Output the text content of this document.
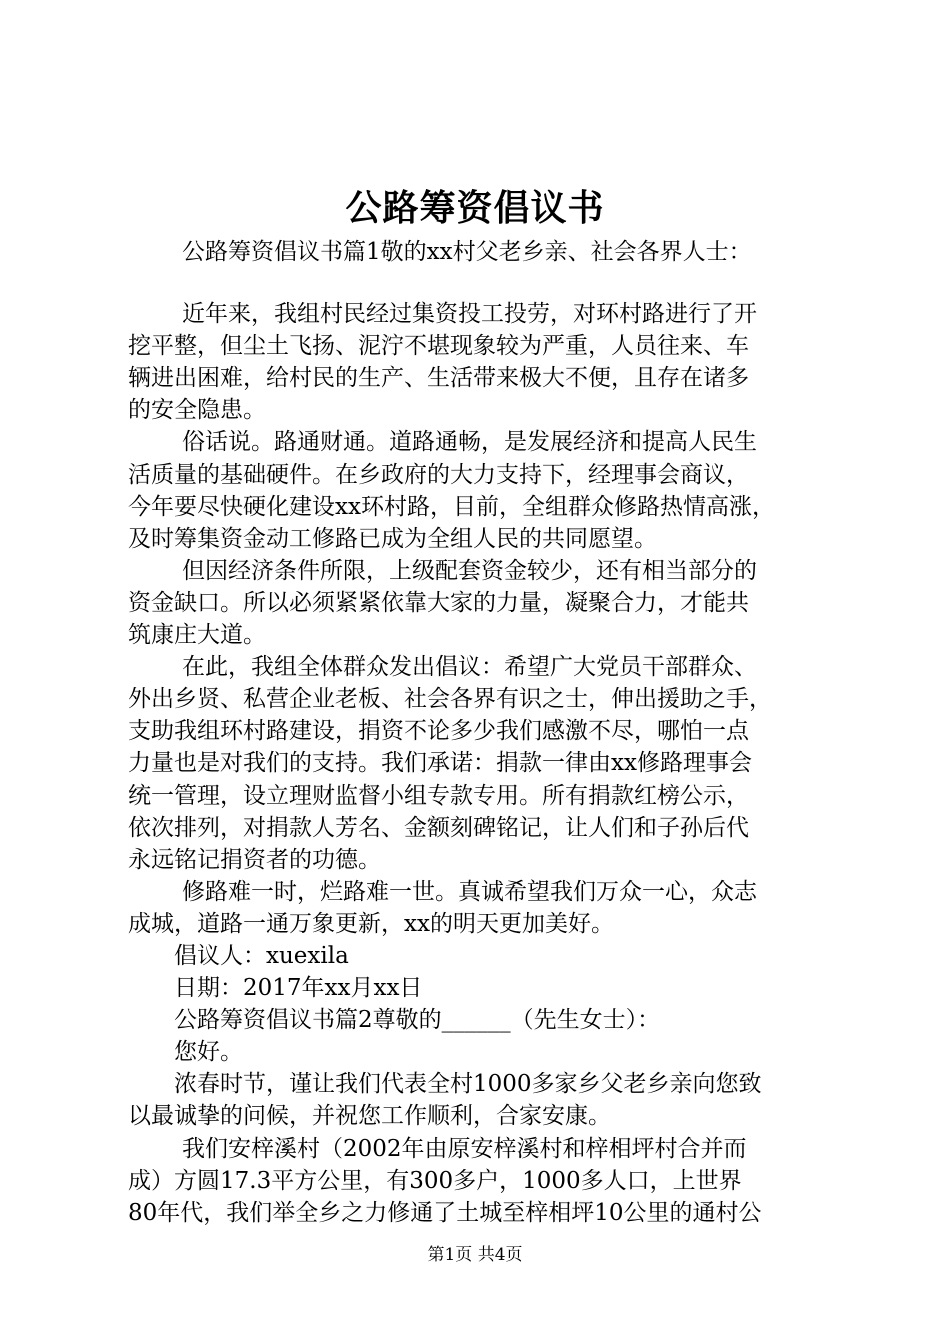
公路筹资倡议书
公路筹资倡议书篇1敬的xx村父老乡亲、社会各界人士：
近年来，我组村民经过集资投工投劳，对环村路进行了开
挖平整，但尘土飞扬、泥泞不堪现象较为严重，人员往来、车
辆进出困难，给村民的生产、生活带来极大不便，且存在诸多
的安全隐患。
俗话说。路通财通。道路通畅，是发展经济和提高人民生
活质量的基础硬件。在乡政府的大力支持下，经理事会商议，
今年要尽快硬化建设xx环村路，目前，全组群众修路热情高涨，
及时筹集资金动工修路已成为全组人民的共同愿望。
但因经济条件所限，上级配套资金较少，还有相当部分的
资金缺口。所以必须紧紧依靠大家的力量，凝聚合力，才能共
筑康庄大道。
在此，我组全体群众发出倡议：希望广大党员干部群众、
外出乡贤、私营企业老板、社会各界有识之士，伸出援助之手，
支助我组环村路建设，捐资不论多少我们感激不尽，哪怕一点
力量也是对我们的支持。我们承诺：捐款一律由xx修路理事会
统一管理，设立理财监督小组专款专用。所有捐款红榜公示，
依次排列，对捐款人芳名、金额刻碑铭记，让人们和子孙后代
永远铭记捐资者的功德。
修路难一时，烂路难一世。真诚希望我们万众一心，众志
成城，道路一通万象更新，xx的明天更加美好。
倡议人：xuexila
日期：2017年xx月xx日
公路筹资倡议书篇2尊敬的______（先生女士）：
您好。
浓春时节，谨让我们代表全村1000多家乡父老乡亲向您致
以最诚挚的问候，并祝您工作顺利，合家安康。
我们安梓溪村（2002年由原安梓溪村和梓相坪村合并而
成）方圆17.3平方公里，有300多户，1000多人口，上世界
80年代，我们举全乡之力修通了土城至梓相坪10公里的通村公
第1页 共4页
